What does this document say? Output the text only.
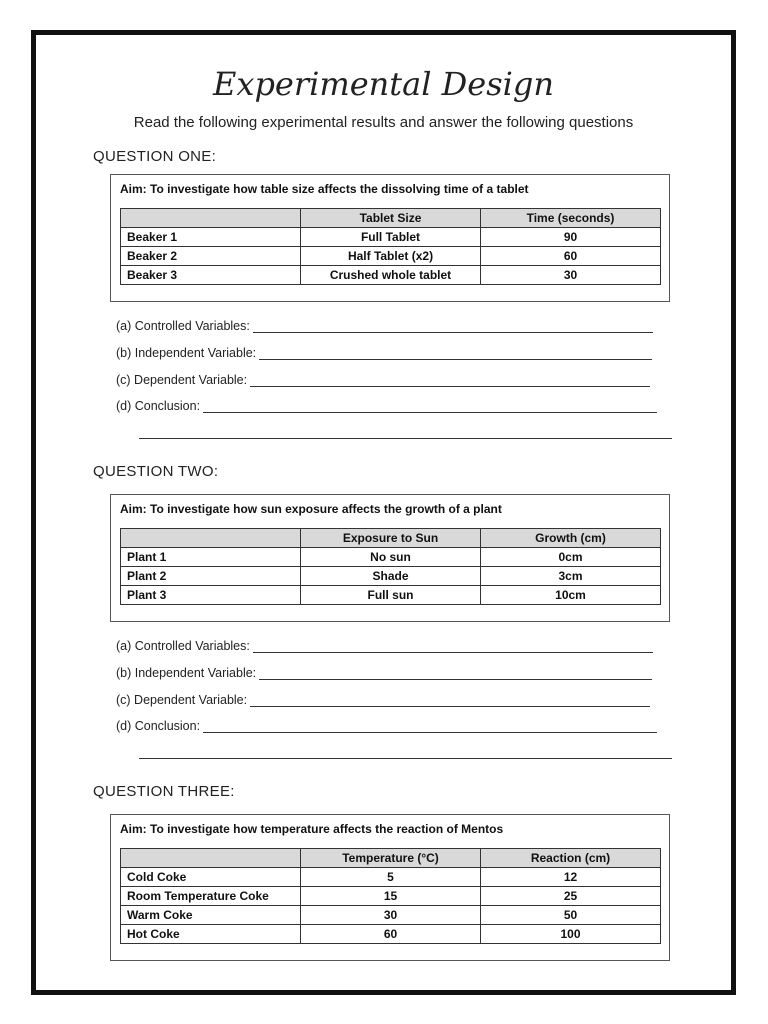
Experimental Design
Read the following experimental results and answer the following questions
QUESTION ONE:
Aim: To investigate how table size affects the dissolving time of a tablet
	Tablet Size	Time (seconds)
Beaker 1	Full Tablet	90
Beaker 2	Half Tablet (x2)	60
Beaker 3	Crushed whole tablet	30
(a) Controlled Variables:
(b) Independent Variable:
(c) Dependent Variable:
(d) Conclusion:
QUESTION TWO:
Aim: To investigate how sun exposure affects the growth of a plant
	Exposure to Sun	Growth (cm)
Plant 1	No sun	0cm
Plant 2	Shade	3cm
Plant 3	Full sun	10cm
(a) Controlled Variables:
(b) Independent Variable:
(c) Dependent Variable:
(d) Conclusion:
QUESTION THREE:
Aim: To investigate how temperature affects the reaction of Mentos
	Temperature (°C)	Reaction (cm)
Cold Coke	5	12
Room Temperature Coke	15	25
Warm Coke	30	50
Hot Coke	60	100
